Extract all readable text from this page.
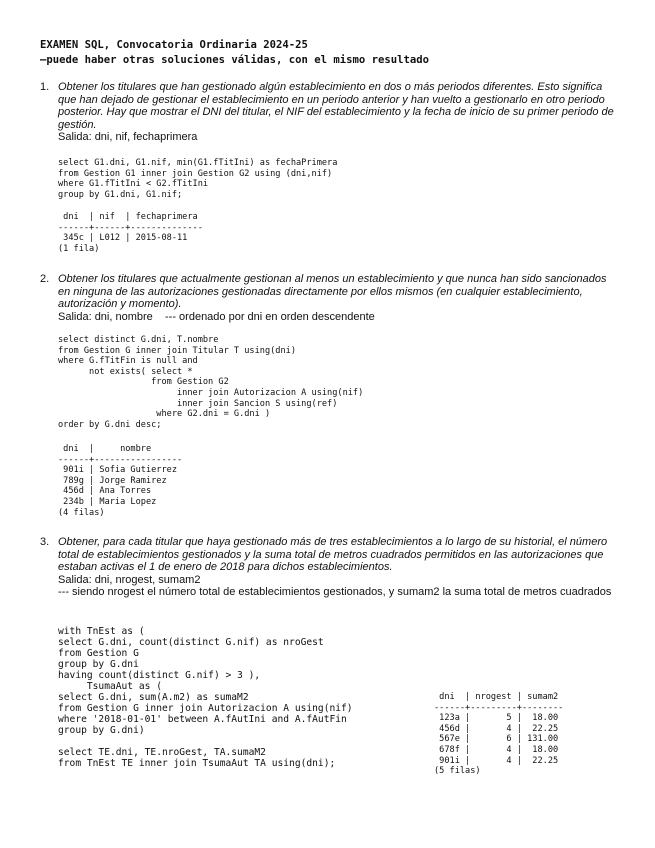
EXAMEN SQL, Convocatoria Ordinaria 2024-25
—puede haber otras soluciones válidas, con el mismo resultado
1. Obtener los titulares que han gestionado algún establecimiento en dos o más periodos diferentes. Esto significa que han dejado de gestionar el establecimiento en un periodo anterior y han vuelto a gestionarlo en otro periodo posterior. Hay que mostrar el DNI del titular, el NIF del establecimiento y la fecha de inicio de su primer periodo de gestión.
Salida: dni, nif, fechaprimera
select G1.dni, G1.nif, min(G1.fTitIni) as fechaPrimera
from Gestion G1 inner join Gestion G2 using (dni,nif)
where G1.fTitIni < G2.fTitIni
group by G1.dni, G1.nif;
dni  | nif  | fechaprimera
------+------+--------------
345c | L012 | 2015-08-11
(1 fila)
2. Obtener los titulares que actualmente gestionan al menos un establecimiento y que nunca han sido sancionados en ninguna de las autorizaciones gestionadas directamente por ellos mismos (en cualquier establecimiento, autorización y momento).
Salida: dni, nombre    --- ordenado por dni en orden descendente
select distinct G.dni, T.nombre
from Gestion G inner join Titular T using(dni)
where G.fTitFin is null and
not exists( select *
from Gestion G2
inner join Autorizacion A using(nif)
inner join Sancion S using(ref)
where G2.dni = G.dni )
order by G.dni desc;
dni  |     nombre
------+-----------------
901i | Sofia Gutierrez
789g | Jorge Ramirez
456d | Ana Torres
234b | Maria Lopez
(4 filas)
3. Obtener, para cada titular que haya gestionado más de tres establecimientos a lo largo de su historial, el número total de establecimientos gestionados y la suma total de metros cuadrados permitidos en las autorizaciones que estaban activas el 1 de enero de 2018 para dichos establecimientos.
Salida: dni, nrogest, sumam2
--- siendo nrogest el número total de establecimientos gestionados, y sumam2 la suma total de metros cuadrados
with TnEst as (
select G.dni, count(distinct G.nif) as nroGest
from Gestion G
group by G.dni
having count(distinct G.nif) > 3 ),
TsumaAut as (
select G.dni, sum(A.m2) as sumaM2
from Gestion G inner join Autorizacion A using(nif)
where '2018-01-01' between A.fAutIni and A.fAutFin
group by G.dni)

select TE.dni, TE.nroGest, TA.sumaM2
from TnEst TE inner join TsumaAut TA using(dni);
dni  | nrogest | sumam2
------+---------+--------
123a |       5 |  18.00
456d |       4 |  22.25
567e |       6 | 131.00
678f |       4 |  18.00
901i |       4 |  22.25
(5 filas)
